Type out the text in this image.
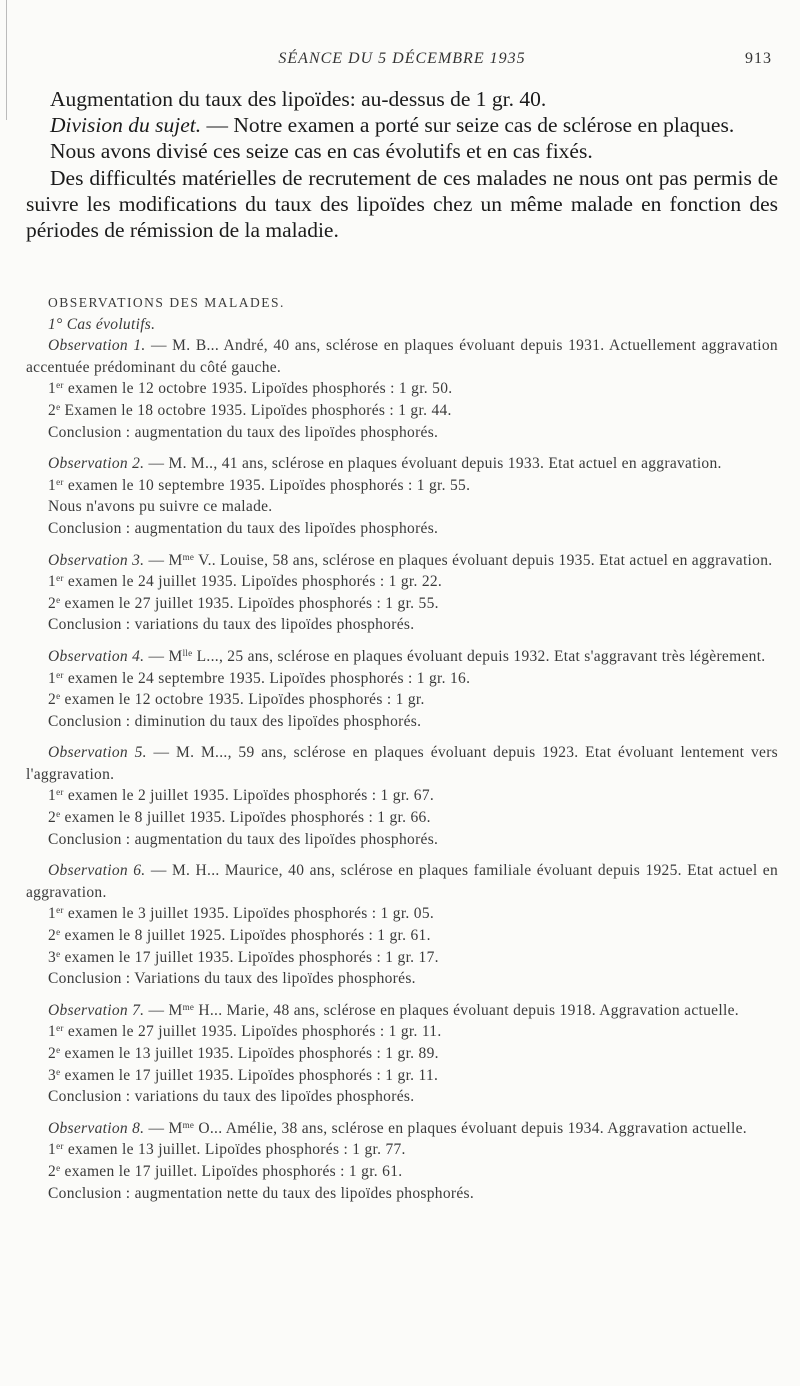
SÉANCE DU 5 DÉCEMBRE 1935	913

Augmentation du taux des lipoïdes: au-dessus de 1 gr. 40.

Division du sujet. — Notre examen a porté sur seize cas de sclérose en plaques.

Nous avons divisé ces seize cas en cas évolutifs et en cas fixés.

Des difficultés matérielles de recrutement de ces malades ne nous ont pas permis de suivre les modifications du taux des lipoïdes chez un même malade en fonction des périodes de rémission de la maladie.

OBSERVATIONS DES MALADES.

1° Cas évolutifs.

Observation 1. — M. B... André, 40 ans, sclérose en plaques évoluant depuis 1931. Actuellement aggravation accentuée prédominant du côté gauche.

1er examen le 12 octobre 1935. Lipoïdes phosphorés : 1 gr. 50.

2e Examen le 18 octobre 1935. Lipoïdes phosphorés : 1 gr. 44.

Conclusion : augmentation du taux des lipoïdes phosphorés.

Observation 2. — M. M.., 41 ans, sclérose en plaques évoluant depuis 1933. Etat actuel en aggravation.

1er examen le 10 septembre 1935. Lipoïdes phosphorés : 1 gr. 55.

Nous n'avons pu suivre ce malade.

Conclusion : augmentation du taux des lipoïdes phosphorés.

Observation 3. — $M^{me}$ V.. Louise, 58 ans, sclérose en plaques évoluant depuis 1935. Etat actuel en aggravation.

1er examen le 24 juillet 1935. Lipoïdes phosphorés : 1 gr. 22.

2e examen le 27 juillet 1935. Lipoïdes phosphorés : 1 gr. 55.

Conclusion : variations du taux des lipoïdes phosphorés.

Observation 4. — $M^{lle}$ L..., 25 ans, sclérose en plaques évoluant depuis 1932. Etat s'aggravant très légèrement.

1er examen le 24 septembre 1935. Lipoïdes phosphorés : 1 gr. 16.

2e examen le 12 octobre 1935. Lipoïdes phosphorés : 1 gr.

Conclusion : diminution du taux des lipoïdes phosphorés.

Observation 5. — M. M..., 59 ans, sclérose en plaques évoluant depuis 1923. Etat évoluant lentement vers l'aggravation.

1er examen le 2 juillet 1935. Lipoïdes phosphorés : 1 gr. 67.

2e examen le 8 juillet 1935. Lipoïdes phosphorés : 1 gr. 66.

Conclusion : augmentation du taux des lipoïdes phosphorés.

Observation 6. — M. H... Maurice, 40 ans, sclérose en plaques familiale évoluant depuis 1925. Etat actuel en aggravation.

1er examen le 3 juillet 1935. Lipoïdes phosphorés : 1 gr. 05.

2e examen le 8 juillet 1925. Lipoïdes phosphorés : 1 gr. 61.

3e examen le 17 juillet 1935. Lipoïdes phosphorés : 1 gr. 17.

Conclusion : Variations du taux des lipoïdes phosphorés.

Observation 7. — $M^{me}$ H... Marie, 48 ans, sclérose en plaques évoluant depuis 1918. Aggravation actuelle.

1er examen le 27 juillet 1935. Lipoïdes phosphorés : 1 gr. 11.

2e examen le 13 juillet 1935. Lipoïdes phosphorés : 1 gr. 89.

3e examen le 17 juillet 1935. Lipoïdes phosphorés : 1 gr. 11.

Conclusion : variations du taux des lipoïdes phosphorés.

Observation 8. — $M^{me}$ O... Amélie, 38 ans, sclérose en plaques évoluant depuis 1934. Aggravation actuelle.

1er examen le 13 juillet. Lipoïdes phosphorés : 1 gr. 77.

2e examen le 17 juillet. Lipoïdes phosphorés : 1 gr. 61.

Conclusion : augmentation nette du taux des lipoïdes phosphorés.
